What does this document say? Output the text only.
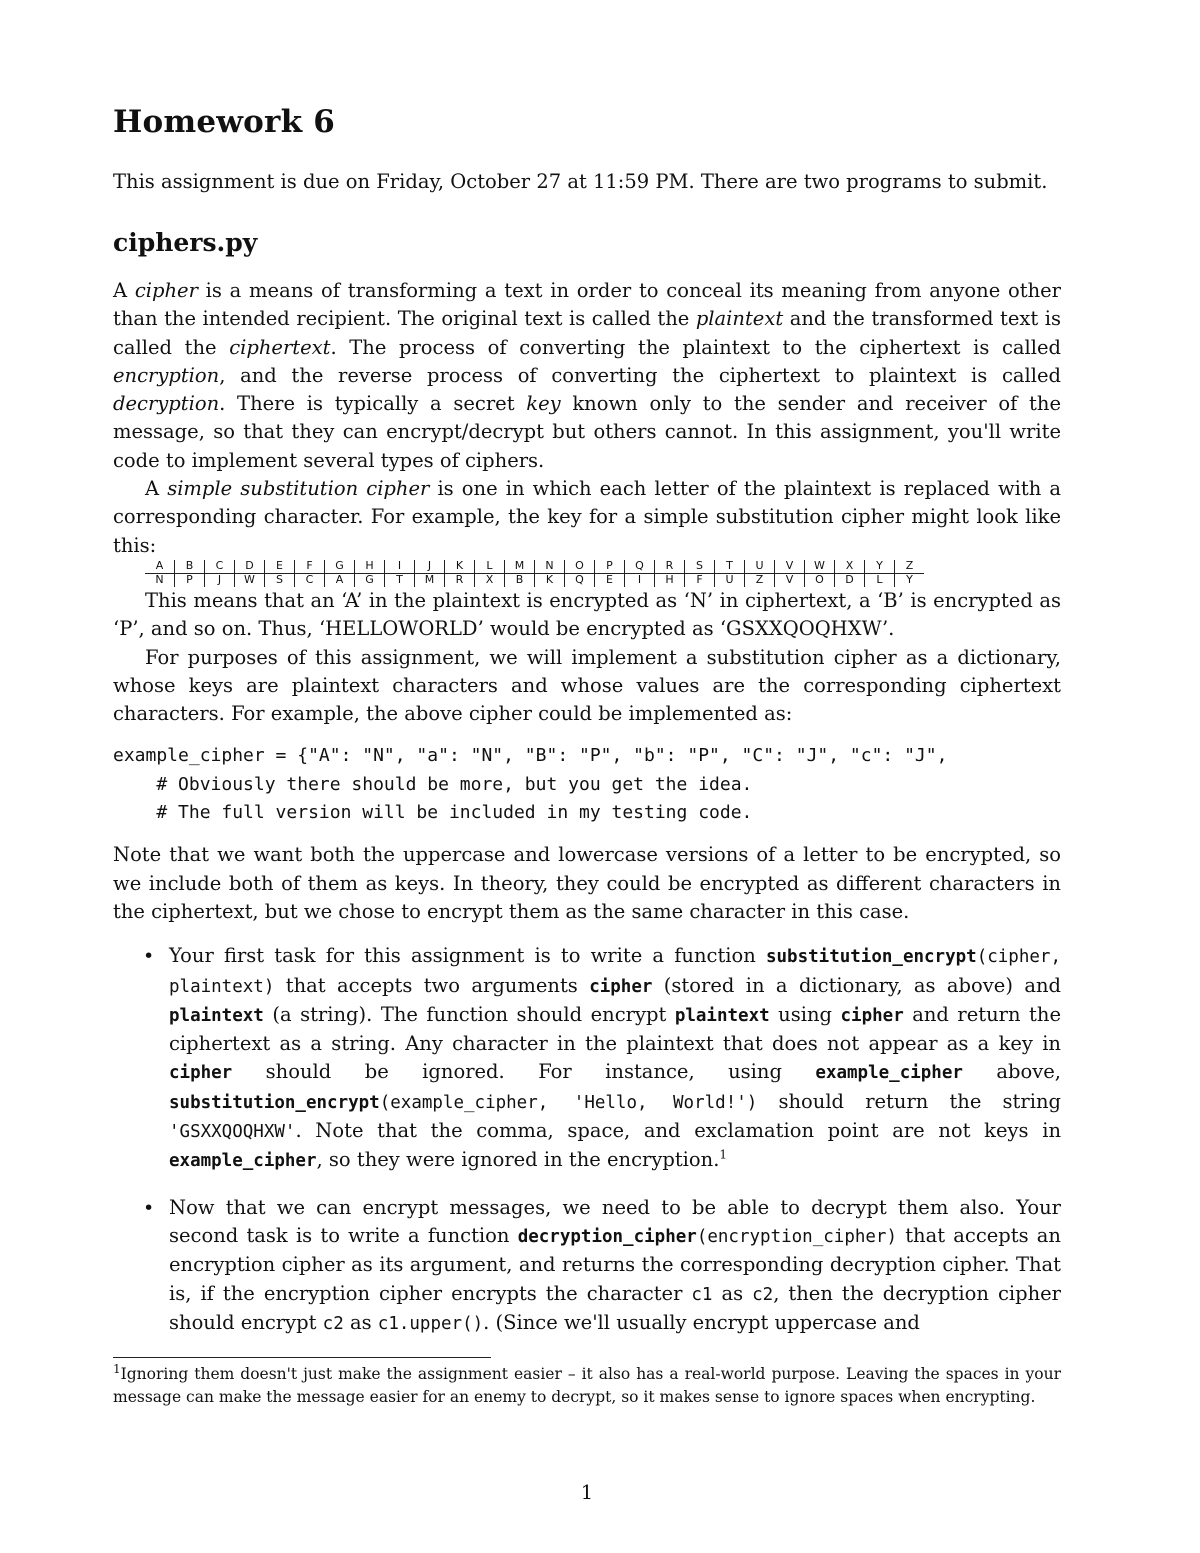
Homework 6

This assignment is due on Friday, October 27 at 11:59 PM. There are two programs to submit.

ciphers.py

A cipher is a means of transforming a text in order to conceal its meaning from anyone other than the intended recipient. The original text is called the plaintext and the transformed text is called the ciphertext. The process of converting the plaintext to the ciphertext is called encryption, and the reverse process of converting the ciphertext to plaintext is called decryption. There is typically a secret key known only to the sender and receiver of the message, so that they can encrypt/decrypt but others cannot. In this assignment, you'll write code to implement several types of ciphers.

A simple substitution cipher is one in which each letter of the plaintext is replaced with a corresponding character. For example, the key for a simple substitution cipher might look like this:

A	B	C	D	E	F	G	H	I	J	K	L	M	N	O	P	Q	R	S	T	U	V	W	X	Y	Z
N	P	J	W	S	C	A	G	T	M	R	X	B	K	Q	E	I	H	F	U	Z	V	O	D	L	Y

This means that an ‘A’ in the plaintext is encrypted as ‘N’ in ciphertext, a ‘B’ is encrypted as ‘P’, and so on. Thus, ‘HELLOWORLD’ would be encrypted as ‘GSXXQOQHXW’.

For purposes of this assignment, we will implement a substitution cipher as a dictionary, whose keys are plaintext characters and whose values are the corresponding ciphertext characters. For example, the above cipher could be implemented as:

example_cipher = {"A": "N", "a": "N", "B": "P", "b": "P", "C": "J", "c": "J",
# Obviously there should be more, but you get the idea.
# The full version will be included in my testing code.

Note that we want both the uppercase and lowercase versions of a letter to be encrypted, so we include both of them as keys. In theory, they could be encrypted as different characters in the ciphertext, but we chose to encrypt them as the same character in this case.

• Your first task for this assignment is to write a function substitution_encrypt(cipher, plaintext) that accepts two arguments cipher (stored in a dictionary, as above) and plaintext (a string). The function should encrypt plaintext using cipher and return the ciphertext as a string. Any character in the plaintext that does not appear as a key in cipher should be ignored. For instance, using example_cipher above, substitution_encrypt(example_cipher, 'Hello, World!') should return the string 'GSXXQOQHXW'. Note that the comma, space, and exclamation point are not keys in example_cipher, so they were ignored in the encryption.$^1$
• Now that we can encrypt messages, we need to be able to decrypt them also. Your second task is to write a function decryption_cipher(encryption_cipher) that accepts an encryption cipher as its argument, and returns the corresponding decryption cipher. That is, if the encryption cipher encrypts the character c1 as c2, then the decryption cipher should encrypt c2 as c1.upper(). (Since we'll usually encrypt uppercase and
$^1$Ignoring them doesn't just make the assignment easier – it also has a real-world purpose. Leaving the spaces in your message can make the message easier for an enemy to decrypt, so it makes sense to ignore spaces when encrypting.
1
